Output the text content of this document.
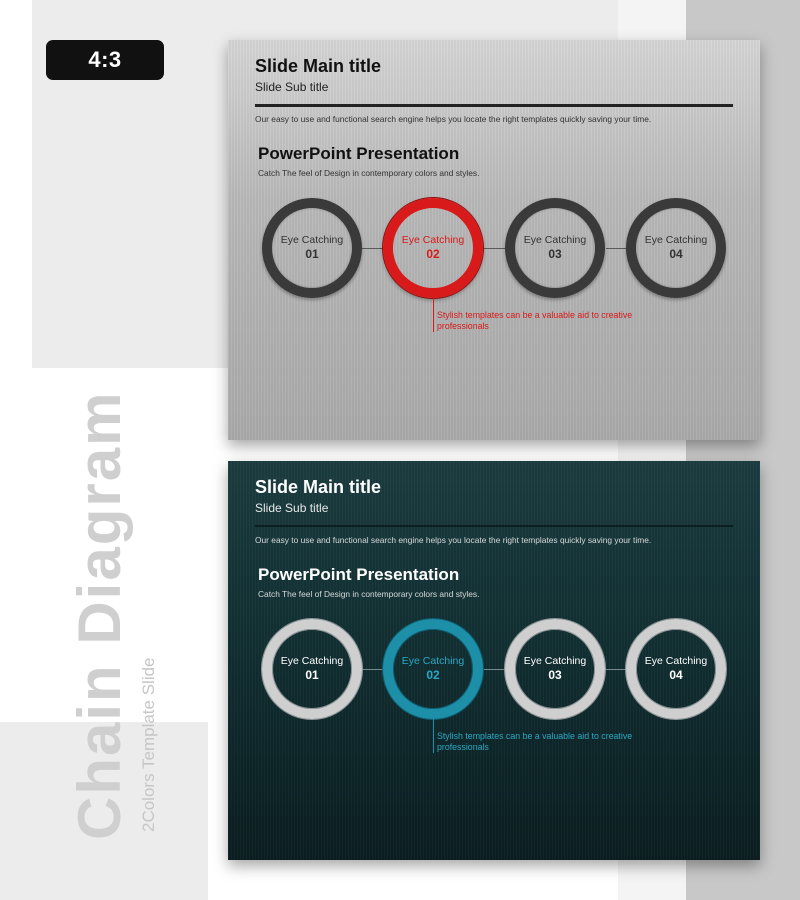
4:3
Chain Diagram 2Colors Template Slide
Slide Main title
Slide Sub title
Our easy to use and functional search engine helps you locate the right templates quickly saving your time.
PowerPoint Presentation
Catch The feel of Design in contemporary colors and styles.
Eye Catching
01
Eye Catching
02
Eye Catching
03
Eye Catching
04
Stylish templates can be a valuable aid to creative professionals
Slide Main title
Slide Sub title
Our easy to use and functional search engine helps you locate the right templates quickly saving your time.
PowerPoint Presentation
Catch The feel of Design in contemporary colors and styles.
Eye Catching
01
Eye Catching
02
Eye Catching
03
Eye Catching
04
Stylish templates can be a valuable aid to creative professionals
